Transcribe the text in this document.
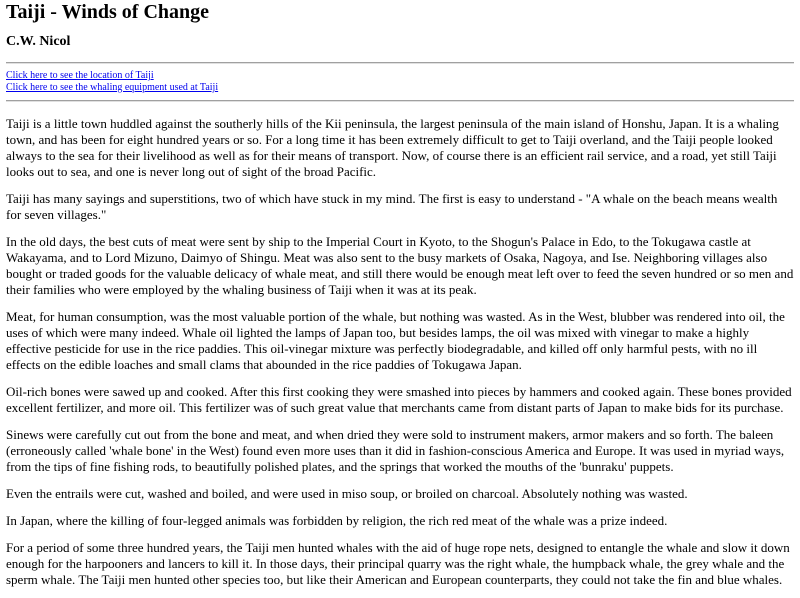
Taiji - Winds of Change
C.W. Nicol
Click here to see the location of Taiji
Click here to see the whaling equipment used at Taiji

Taiji is a little town huddled against the southerly hills of the Kii peninsula, the largest peninsula of the main island of Honshu, Japan. It is a whaling town, and has been for eight hundred years or so. For a long time it has been extremely difficult to get to Taiji overland, and the Taiji people looked always to the sea for their livelihood as well as for their means of transport. Now, of course there is an efficient rail service, and a road, yet still Taiji looks out to sea, and one is never long out of sight of the broad Pacific.

Taiji has many sayings and superstitions, two of which have stuck in my mind. The first is easy to understand - "A whale on the beach means wealth for seven villages."

In the old days, the best cuts of meat were sent by ship to the Imperial Court in Kyoto, to the Shogun's Palace in Edo, to the Tokugawa castle at Wakayama, and to Lord Mizuno, Daimyo of Shingu. Meat was also sent to the busy markets of Osaka, Nagoya, and Ise. Neighboring villages also bought or traded goods for the valuable delicacy of whale meat, and still there would be enough meat left over to feed the seven hundred or so men and their families who were employed by the whaling business of Taiji when it was at its peak.

Meat, for human consumption, was the most valuable portion of the whale, but nothing was wasted. As in the West, blubber was rendered into oil, the uses of which were many indeed. Whale oil lighted the lamps of Japan too, but besides lamps, the oil was mixed with vinegar to make a highly effective pesticide for use in the rice paddies. This oil-vinegar mixture was perfectly biodegradable, and killed off only harmful pests, with no ill effects on the edible loaches and small clams that abounded in the rice paddies of Tokugawa Japan.

Oil-rich bones were sawed up and cooked. After this first cooking they were smashed into pieces by hammers and cooked again. These bones provided excellent fertilizer, and more oil. This fertilizer was of such great value that merchants came from distant parts of Japan to make bids for its purchase.

Sinews were carefully cut out from the bone and meat, and when dried they were sold to instrument makers, armor makers and so forth. The baleen (erroneously called 'whale bone' in the West) found even more uses than it did in fashion-conscious America and Europe. It was used in myriad ways, from the tips of fine fishing rods, to beautifully polished plates, and the springs that worked the mouths of the 'bunraku' puppets.

Even the entrails were cut, washed and boiled, and were used in miso soup, or broiled on charcoal. Absolutely nothing was wasted.

In Japan, where the killing of four-legged animals was forbidden by religion, the rich red meat of the whale was a prize indeed.

For a period of some three hundred years, the Taiji men hunted whales with the aid of huge rope nets, designed to entangle the whale and slow it down enough for the harpooners and lancers to kill it. In those days, their principal quarry was the right whale, the humpback whale, the grey whale and the sperm whale. The Taiji men hunted other species too, but like their American and European counterparts, they could not take the fin and blue whales.
